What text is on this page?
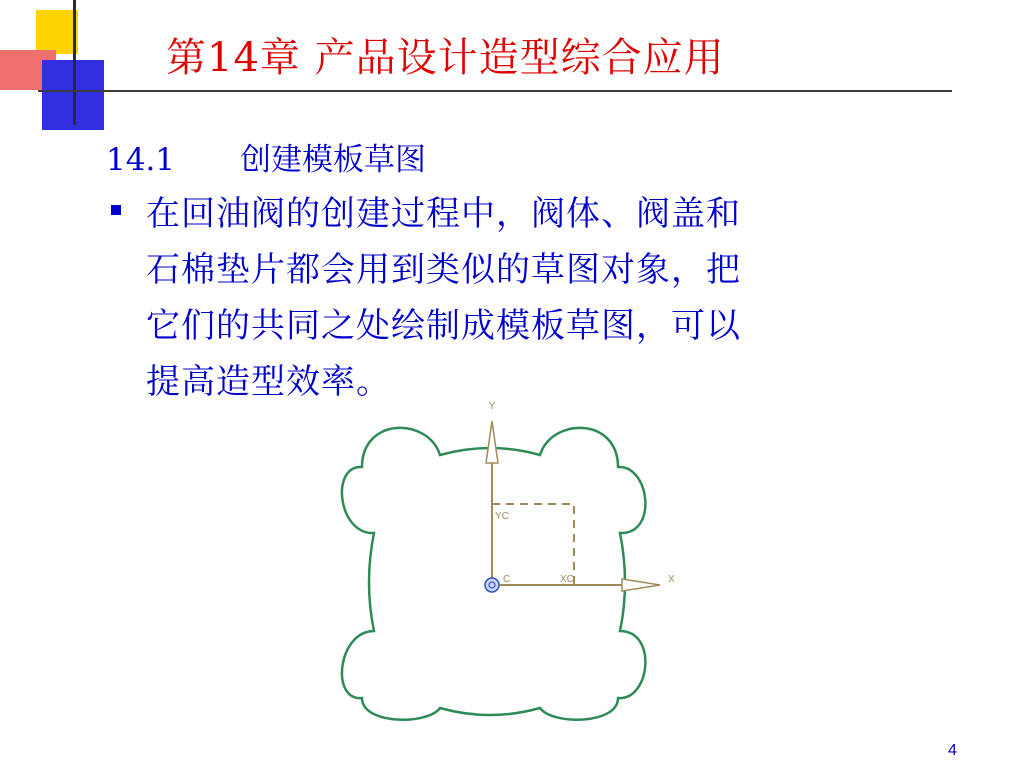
第14章 产品设计造型综合应用
14.1 创建模板草图
在回油阀的创建过程中，阀体、阀盖和
石棉垫片都会用到类似的草图对象，把
它们的共同之处绘制成模板草图，可以
提高造型效率。
Y
X
YC
XC
C
4
